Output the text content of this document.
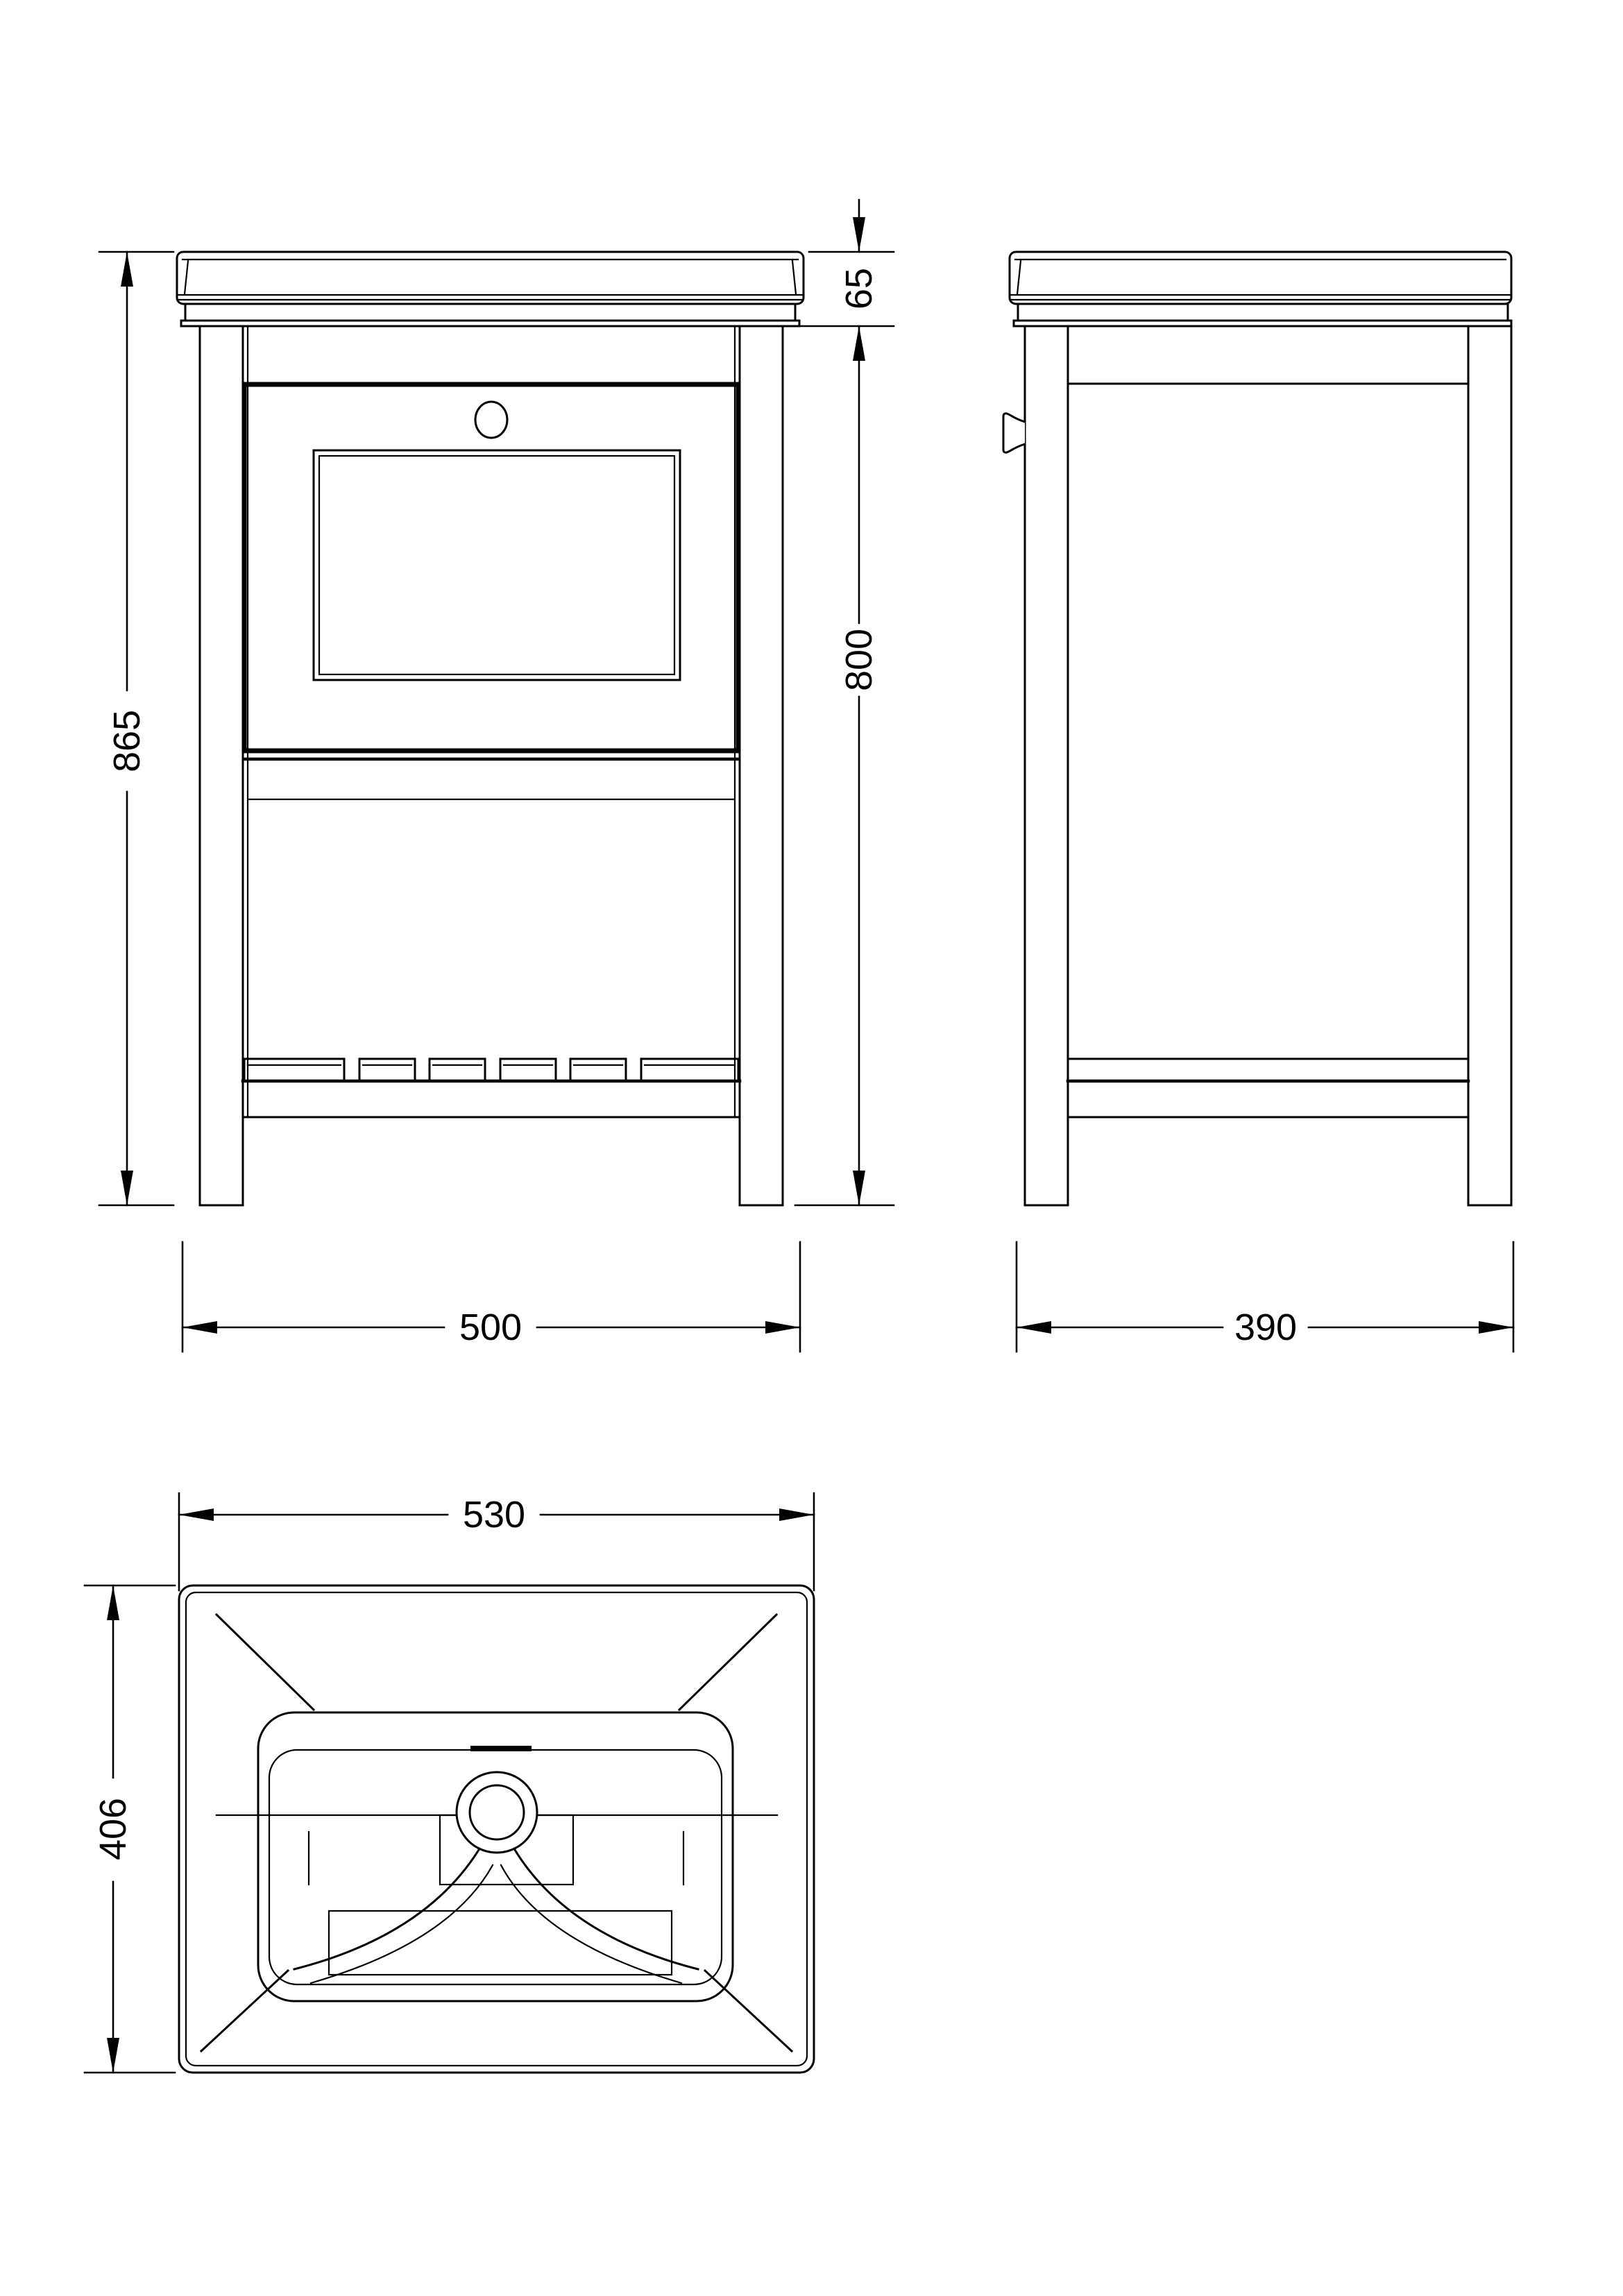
865
65
800
500	390
530
406
